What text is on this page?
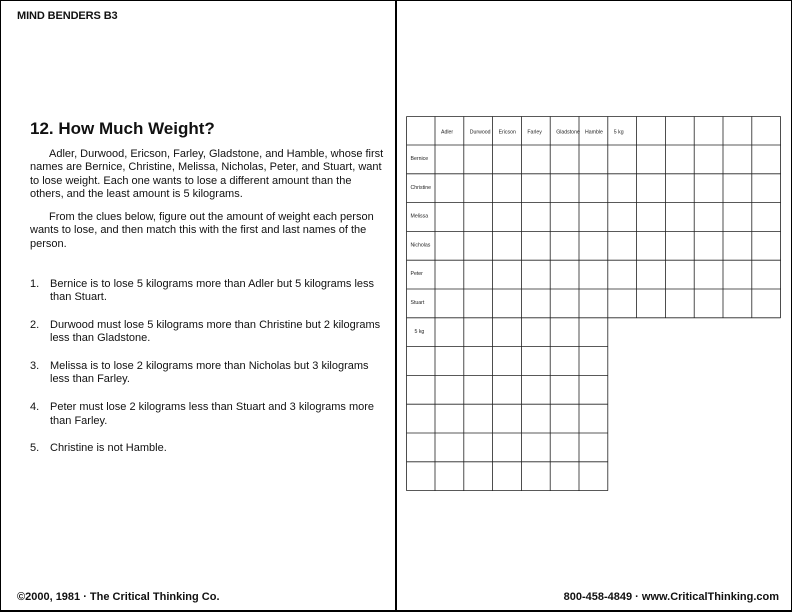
MIND BENDERS B3
12. How Much Weight?

Adler, Durwood, Ericson, Farley, Gladstone, and Hamble, whose first names are Bernice, Christine, Melissa, Nicholas, Peter, and Stuart, want to lose weight. Each one wants to lose a different amount than the others, and the least amount is 5 kilograms.

From the clues below, figure out the amount of weight each person wants to lose, and then match this with the first and last names of the person.

1. Bernice is to lose 5 kilograms more than Adler but 5 kilograms less than Stuart.
2. Durwood must lose 5 kilograms more than Christine but 2 kilograms less than Gladstone.
3. Melissa is to lose 2 kilograms more than Nicholas but 3 kilograms less than Farley.
4. Peter must lose 2 kilograms less than Stuart and 3 kilograms more than Farley.
5. Christine is not Hamble.
©2000, 1981 · The Critical Thinking Co.
Adler	Durwood Ericson Farley	Gladstone Hamble 5 kg
Bernice
Christine
Melissa
Nicholas
Peter
Stuart
5 kg
800-458-4849 · www.CriticalThinking.com
